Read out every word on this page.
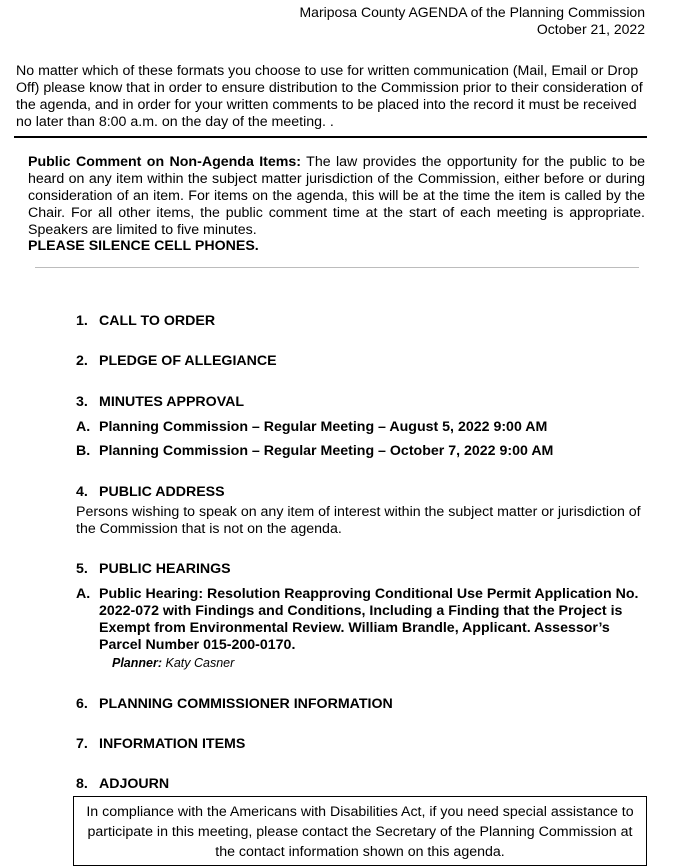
Mariposa County AGENDA of the Planning Commission
October 21, 2022

No matter which of these formats you choose to use for written communication (Mail, Email or Drop Off) please know that in order to ensure distribution to the Commission prior to their consideration of the agenda, and in order for your written comments to be placed into the record it must be received no later than 8:00 a.m. on the day of the meeting. .

Public Comment on Non-Agenda Items: The law provides the opportunity for the public to be heard on any item within the subject matter jurisdiction of the Commission, either before or during consideration of an item. For items on the agenda, this will be at the time the item is called by the Chair. For all other items, the public comment time at the start of each meeting is appropriate. Speakers are limited to five minutes.

PLEASE SILENCE CELL PHONES.

1. CALL TO ORDER
2. PLEDGE OF ALLEGIANCE
3. MINUTES APPROVAL
A. Planning Commission – Regular Meeting – August 5, 2022 9:00 AM
B. Planning Commission – Regular Meeting – October 7, 2022 9:00 AM
4. PUBLIC ADDRESS

Persons wishing to speak on any item of interest within the subject matter or jurisdiction of the Commission that is not on the agenda.

5. PUBLIC HEARINGS
A. Public Hearing: Resolution Reapproving Conditional Use Permit Application No. 2022-072 with Findings and Conditions, Including a Finding that the Project is Exempt from Environmental Review. William Brandle, Applicant. Assessor’s Parcel Number 015-200-0170.

Planner: Katy Casner
6. PLANNING COMMISSIONER INFORMATION
7. INFORMATION ITEMS
8. ADJOURN
In compliance with the Americans with Disabilities Act, if you need special assistance to participate in this meeting, please contact the Secretary of the Planning Commission at the contact information shown on this agenda.
